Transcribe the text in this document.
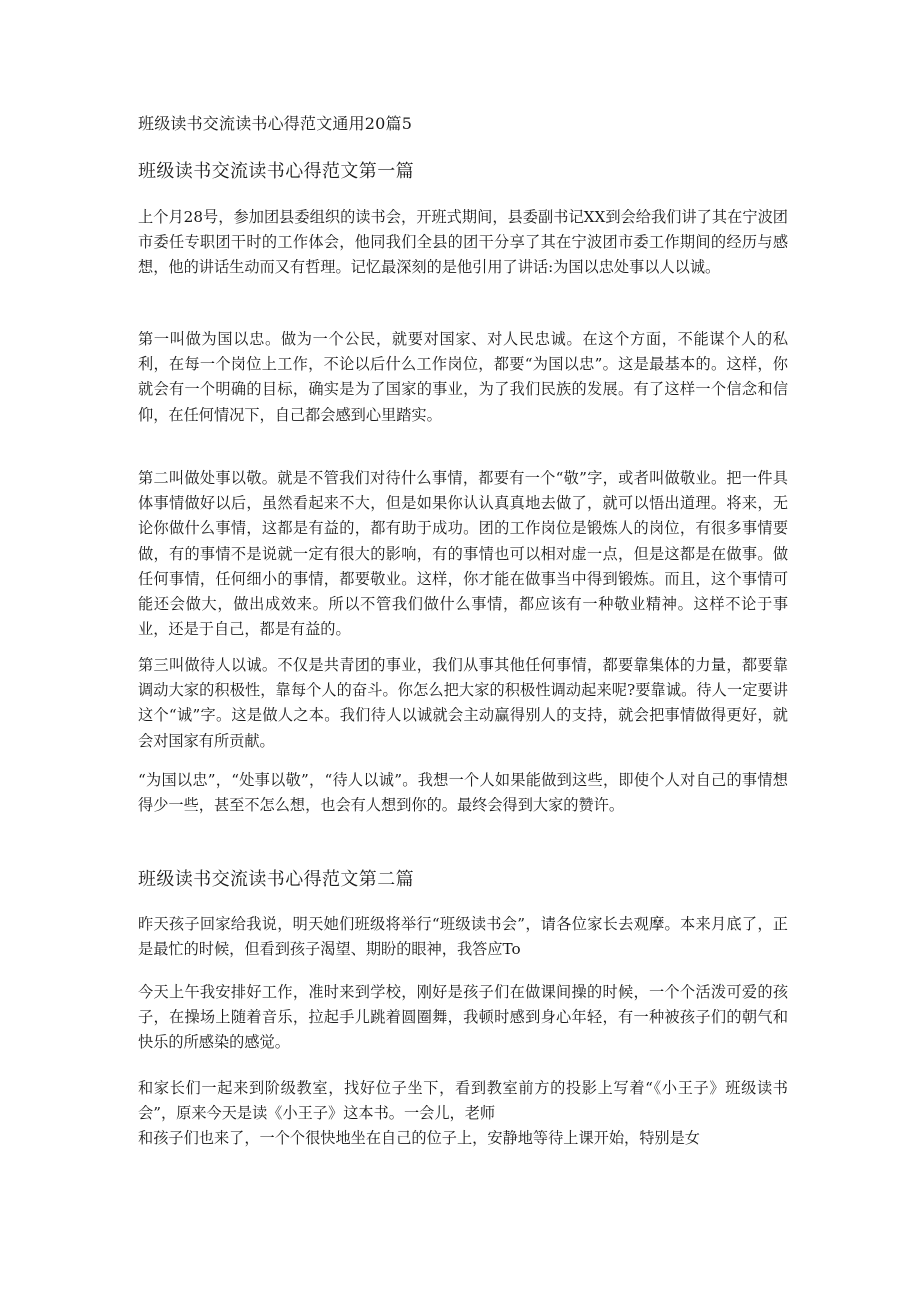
班级读书交流读书心得范文通用20篇5
班级读书交流读书心得范文第一篇

上个月28号，参加团县委组织的读书会，开班式期间，县委副书记XX到会给我们讲了其在宁波团市委任专职团干时的工作体会，他同我们全县的团干分享了其在宁波团市委工作期间的经历与感想，他的讲话生动而又有哲理。记忆最深刻的是他引用了讲话:为国以忠处事以人以诚。

第一叫做为国以忠。做为一个公民，就要对国家、对人民忠诚。在这个方面，不能谋个人的私利，在每一个岗位上工作，不论以后什么工作岗位，都要“为国以忠”。这是最基本的。这样，你就会有一个明确的目标，确实是为了国家的事业，为了我们民族的发展。有了这样一个信念和信仰，在任何情况下，自己都会感到心里踏实。

第二叫做处事以敬。就是不管我们对待什么事情，都要有一个“敬”字，或者叫做敬业。把一件具体事情做好以后，虽然看起来不大，但是如果你认认真真地去做了，就可以悟出道理。将来，无论你做什么事情，这都是有益的，都有助于成功。团的工作岗位是锻炼人的岗位，有很多事情要做，有的事情不是说就一定有很大的影响，有的事情也可以相对虚一点，但是这都是在做事。做任何事情，任何细小的事情，都要敬业。这样，你才能在做事当中得到锻炼。而且，这个事情可能还会做大，做出成效来。所以不管我们做什么事情，都应该有一种敬业精神。这样不论于事业，还是于自己，都是有益的。

第三叫做待人以诚。不仅是共青团的事业，我们从事其他任何事情，都要靠集体的力量，都要靠调动大家的积极性，靠每个人的奋斗。你怎么把大家的积极性调动起来呢?要靠诚。待人一定要讲这个“诚”字。这是做人之本。我们待人以诚就会主动赢得别人的支持，就会把事情做得更好，就会对国家有所贡献。

“为国以忠”，“处事以敬”，“待人以诚”。我想一个人如果能做到这些，即使个人对自己的事情想得少一些，甚至不怎么想，也会有人想到你的。最终会得到大家的赞许。

班级读书交流读书心得范文第二篇

昨天孩子回家给我说，明天她们班级将举行“班级读书会”，请各位家长去观摩。本来月底了，正是最忙的时候，但看到孩子渴望、期盼的眼神，我答应To

今天上午我安排好工作，准时来到学校，刚好是孩子们在做课间操的时候，一个个活泼可爱的孩子，在操场上随着音乐，拉起手儿跳着圆圈舞，我顿时感到身心年轻，有一种被孩子们的朝气和快乐的所感染的感觉。

和家长们一起来到阶级教室，找好位子坐下，看到教室前方的投影上写着“《小王子》班级读书会”，原来今天是读《小王子》这本书。一会儿，老师

和孩子们也来了，一个个很快地坐在自己的位子上，安静地等待上课开始，特别是女
